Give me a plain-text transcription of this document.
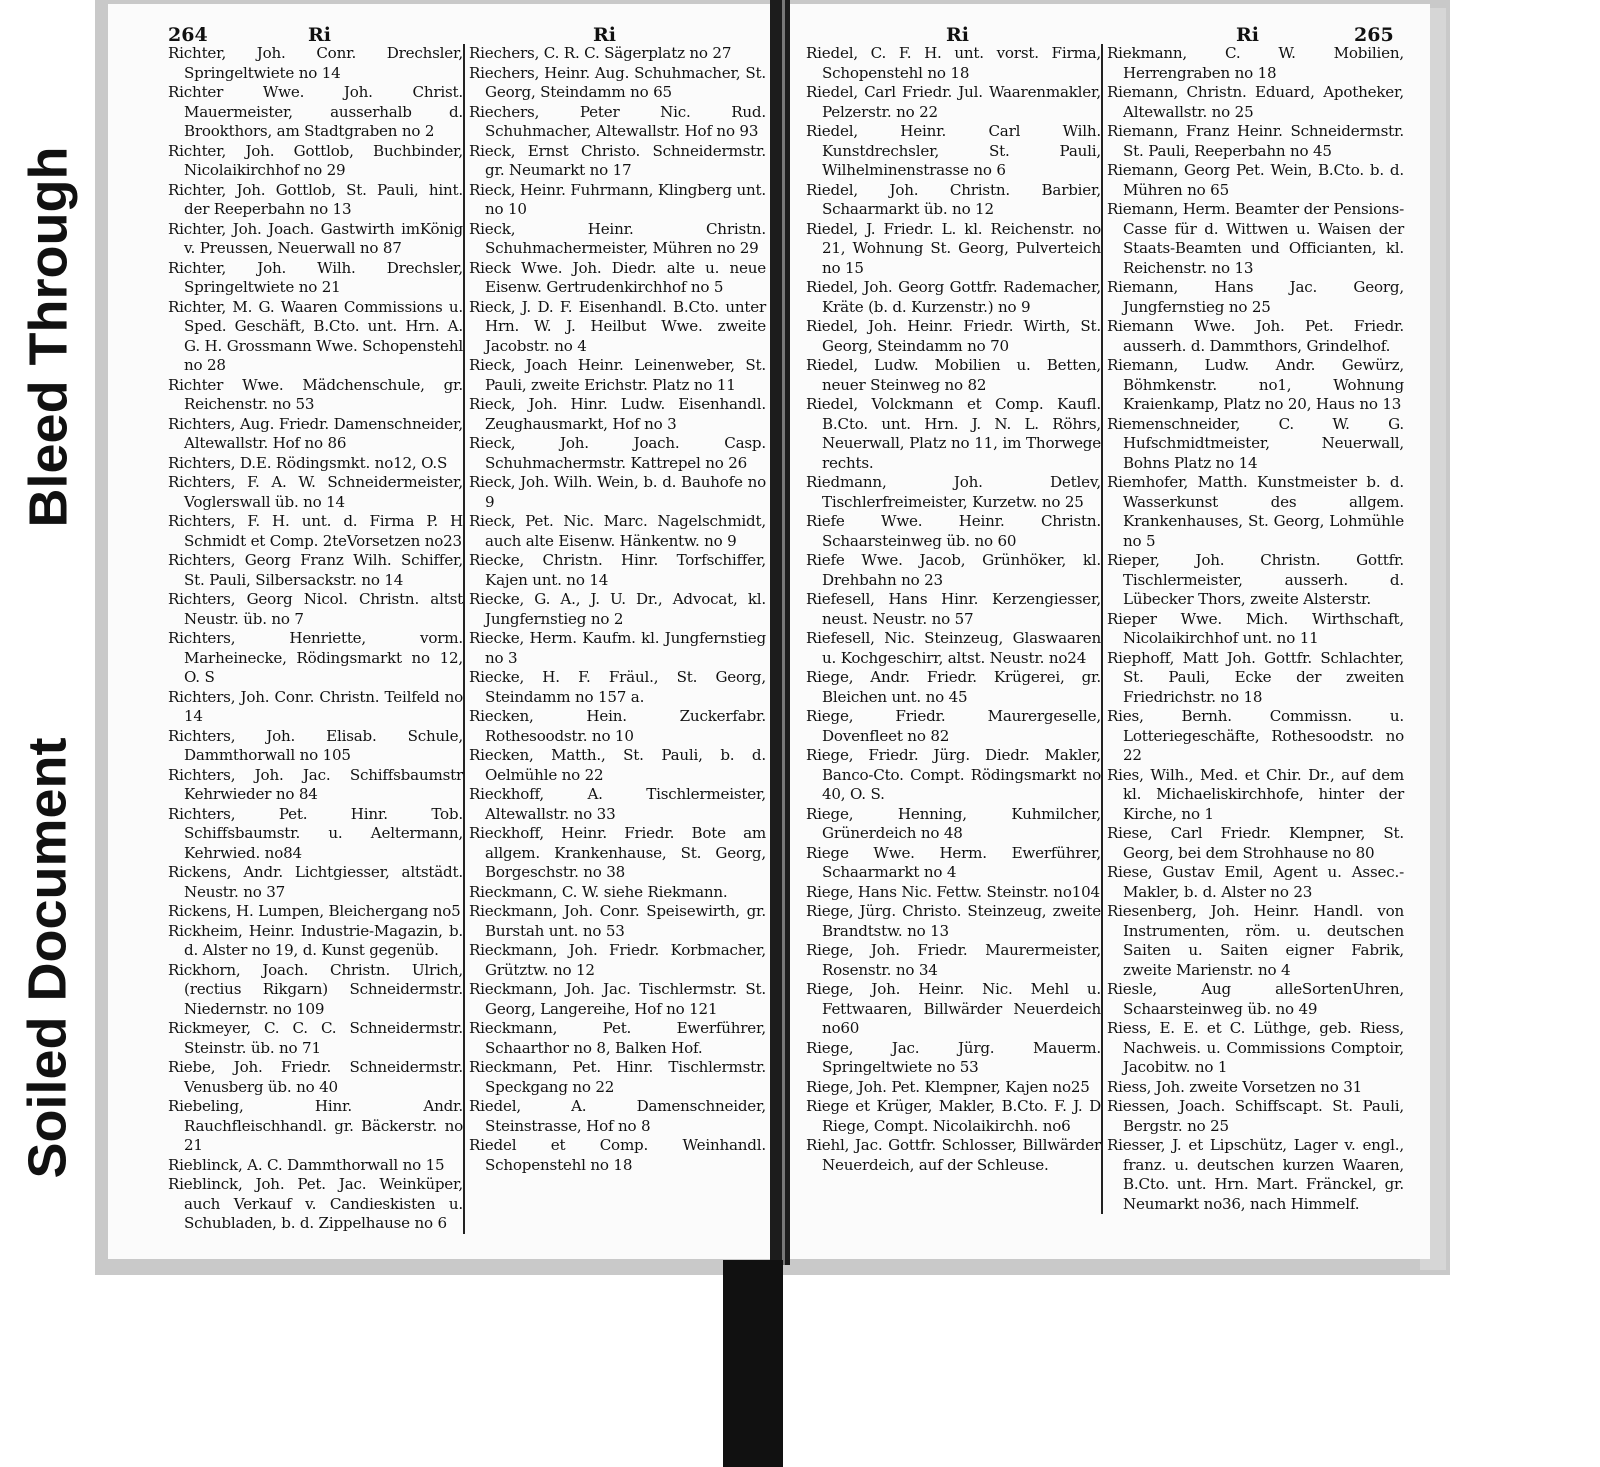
Bleed Through
Soiled Document
264	Ri	Ri

Richter, Joh. Conr. Drechsler, Springeltwiete no 14

Richter Wwe. Joh. Christ. Mauermeister, ausserhalb d. Brookthors, am Stadtgraben no 2

Richter, Joh. Gottlob, Buchbinder, Nicolaikirchhof no 29

Richter, Joh. Gottlob, St. Pauli, hint. der Reeperbahn no 13

Richter, Joh. Joach. Gastwirth imKönig v. Preussen, Neuerwall no 87

Richter, Joh. Wilh. Drechsler, Springeltwiete no 21

Richter, M. G. Waaren Commissions u. Sped. Geschäft, B.Cto. unt. Hrn. A. G. H. Grossmann Wwe. Schopenstehl no 28

Richter Wwe. Mädchenschule, gr. Reichenstr. no 53

Richters, Aug. Friedr. Damenschneider, Altewallstr. Hof no 86

Richters, D.E. Rödingsmkt. no12, O.S

Richters, F. A. W. Schneidermeister, Voglerswall üb. no 14

Richters, F. H. unt. d. Firma P. H Schmidt et Comp. 2teVorsetzen no23

Richters, Georg Franz Wilh. Schiffer, St. Pauli, Silbersackstr. no 14

Richters, Georg Nicol. Christn. altst Neustr. üb. no 7

Richters, Henriette, vorm. Marheinecke, Rödingsmarkt no 12, O. S

Richters, Joh. Conr. Christn. Teilfeld no 14

Richters, Joh. Elisab. Schule, Dammthorwall no 105

Richters, Joh. Jac. Schiffsbaumstr Kehrwieder no 84

Richters, Pet. Hinr. Tob. Schiffsbaumstr. u. Aeltermann, Kehrwied. no84

Rickens, Andr. Lichtgiesser, altstädt. Neustr. no 37

Rickens, H. Lumpen, Bleichergang no5

Rickheim, Heinr. Industrie-Magazin, b. d. Alster no 19, d. Kunst gegenüb.

Rickhorn, Joach. Christn. Ulrich, (rectius Rikgarn) Schneidermstr. Niedernstr. no 109

Rickmeyer, C. C. C. Schneidermstr. Steinstr. üb. no 71

Riebe, Joh. Friedr. Schneidermstr. Venusberg üb. no 40

Riebeling, Hinr. Andr. Rauchfleischhandl. gr. Bäckerstr. no 21

Rieblinck, A. C. Dammthorwall no 15

Rieblinck, Joh. Pet. Jac. Weinküper, auch Verkauf v. Candieskisten u. Schubladen, b. d. Zippelhause no 6

Riechers, C. R. C. Sägerplatz no 27

Riechers, Heinr. Aug. Schuhmacher, St. Georg, Steindamm no 65

Riechers, Peter Nic. Rud. Schuhmacher, Altewallstr. Hof no 93

Rieck, Ernst Christo. Schneidermstr. gr. Neumarkt no 17

Rieck, Heinr. Fuhrmann, Klingberg unt. no 10

Rieck, Heinr. Christn. Schuhmachermeister, Mühren no 29

Rieck Wwe. Joh. Diedr. alte u. neue Eisenw. Gertrudenkirchhof no 5

Rieck, J. D. F. Eisenhandl. B.Cto. unter Hrn. W. J. Heilbut Wwe. zweite Jacobstr. no 4

Rieck, Joach Heinr. Leinenweber, St. Pauli, zweite Erichstr. Platz no 11

Rieck, Joh. Hinr. Ludw. Eisenhandl. Zeughausmarkt, Hof no 3

Rieck, Joh. Joach. Casp. Schuhmachermstr. Kattrepel no 26

Rieck, Joh. Wilh. Wein, b. d. Bauhofe no 9

Rieck, Pet. Nic. Marc. Nagelschmidt, auch alte Eisenw. Hänkentw. no 9

Riecke, Christn. Hinr. Torfschiffer, Kajen unt. no 14

Riecke, G. A., J. U. Dr., Advocat, kl. Jungfernstieg no 2

Riecke, Herm. Kaufm. kl. Jungfernstieg no 3

Riecke, H. F. Fräul., St. Georg, Steindamm no 157 a.

Riecken, Hein. Zuckerfabr. Rothesoodstr. no 10

Riecken, Matth., St. Pauli, b. d. Oelmühle no 22

Rieckhoff, A. Tischlermeister, Altewallstr. no 33

Rieckhoff, Heinr. Friedr. Bote am allgem. Krankenhause, St. Georg, Borgeschstr. no 38

Rieckmann, C. W. siehe Riekmann.

Rieckmann, Joh. Conr. Speisewirth, gr. Burstah unt. no 53

Rieckmann, Joh. Friedr. Korbmacher, Grütztw. no 12

Rieckmann, Joh. Jac. Tischlermstr. St. Georg, Langereihe, Hof no 121

Rieckmann, Pet. Ewerführer, Schaarthor no 8, Balken Hof.

Rieckmann, Pet. Hinr. Tischlermstr. Speckgang no 22

Riedel, A. Damenschneider, Steinstrasse, Hof no 8

Riedel et Comp. Weinhandl. Schopenstehl no 18

Ri	Ri	265

Riedel, C. F. H. unt. vorst. Firma, Schopenstehl no 18

Riedel, Carl Friedr. Jul. Waarenmakler, Pelzerstr. no 22

Riedel, Heinr. Carl Wilh. Kunstdrechsler, St. Pauli, Wilhelminenstrasse no 6

Riedel, Joh. Christn. Barbier, Schaarmarkt üb. no 12

Riedel, J. Friedr. L. kl. Reichenstr. no 21, Wohnung St. Georg, Pulverteich no 15

Riedel, Joh. Georg Gottfr. Rademacher, Kräte (b. d. Kurzenstr.) no 9

Riedel, Joh. Heinr. Friedr. Wirth, St. Georg, Steindamm no 70

Riedel, Ludw. Mobilien u. Betten, neuer Steinweg no 82

Riedel, Volckmann et Comp. Kaufl. B.Cto. unt. Hrn. J. N. L. Röhrs, Neuerwall, Platz no 11, im Thorwege rechts.

Riedmann, Joh. Detlev, Tischlerfreimeister, Kurzetw. no 25

Riefe Wwe. Heinr. Christn. Schaarsteinweg üb. no 60

Riefe Wwe. Jacob, Grünhöker, kl. Drehbahn no 23

Riefesell, Hans Hinr. Kerzengiesser, neust. Neustr. no 57

Riefesell, Nic. Steinzeug, Glaswaaren u. Kochgeschirr, altst. Neustr. no24

Riege, Andr. Friedr. Krügerei, gr. Bleichen unt. no 45

Riege, Friedr. Maurergeselle, Dovenfleet no 82

Riege, Friedr. Jürg. Diedr. Makler, Banco-Cto. Compt. Rödingsmarkt no 40, O. S.

Riege, Henning, Kuhmilcher, Grünerdeich no 48

Riege Wwe. Herm. Ewerführer, Schaarmarkt no 4

Riege, Hans Nic. Fettw. Steinstr. no104

Riege, Jürg. Christo. Steinzeug, zweite Brandtstw. no 13

Riege, Joh. Friedr. Maurermeister, Rosenstr. no 34

Riege, Joh. Heinr. Nic. Mehl u. Fettwaaren, Billwärder Neuerdeich no60

Riege, Jac. Jürg. Mauerm. Springeltwiete no 53

Riege, Joh. Pet. Klempner, Kajen no25

Riege et Krüger, Makler, B.Cto. F. J. D Riege, Compt. Nicolaikirchh. no6

Riehl, Jac. Gottfr. Schlosser, Billwärder Neuerdeich, auf der Schleuse.

Riekmann, C. W. Mobilien, Herrengraben no 18

Riemann, Christn. Eduard, Apotheker, Altewallstr. no 25

Riemann, Franz Heinr. Schneidermstr. St. Pauli, Reeperbahn no 45

Riemann, Georg Pet. Wein, B.Cto. b. d. Mühren no 65

Riemann, Herm. Beamter der Pensions-Casse für d. Wittwen u. Waisen der Staats-Beamten und Officianten, kl. Reichenstr. no 13

Riemann, Hans Jac. Georg, Jungfernstieg no 25

Riemann Wwe. Joh. Pet. Friedr. ausserh. d. Dammthors, Grindelhof.

Riemann, Ludw. Andr. Gewürz, Böhmkenstr. no1, Wohnung Kraienkamp, Platz no 20, Haus no 13

Riemenschneider, C. W. G. Hufschmidtmeister, Neuerwall, Bohns Platz no 14

Riemhofer, Matth. Kunstmeister b. d. Wasserkunst des allgem. Krankenhauses, St. Georg, Lohmühle no 5

Rieper, Joh. Christn. Gottfr. Tischlermeister, ausserh. d. Lübecker Thors, zweite Alsterstr.

Rieper Wwe. Mich. Wirthschaft, Nicolaikirchhof unt. no 11

Riephoff, Matt Joh. Gottfr. Schlachter, St. Pauli, Ecke der zweiten Friedrichstr. no 18

Ries, Bernh. Commissn. u. Lotteriegeschäfte, Rothesoodstr. no 22

Ries, Wilh., Med. et Chir. Dr., auf dem kl. Michaeliskirchhofe, hinter der Kirche, no 1

Riese, Carl Friedr. Klempner, St. Georg, bei dem Strohhause no 80

Riese, Gustav Emil, Agent u. Assec.-Makler, b. d. Alster no 23

Riesenberg, Joh. Heinr. Handl. von Instrumenten, röm. u. deutschen Saiten u. Saiten eigner Fabrik, zweite Marienstr. no 4

Riesle, Aug alleSortenUhren, Schaarsteinweg üb. no 49

Riess, E. E. et C. Lüthge, geb. Riess, Nachweis. u. Commissions Comptoir, Jacobitw. no 1

Riess, Joh. zweite Vorsetzen no 31

Riessen, Joach. Schiffscapt. St. Pauli, Bergstr. no 25

Riesser, J. et Lipschütz, Lager v. engl., franz. u. deutschen kurzen Waaren, B.Cto. unt. Hrn. Mart. Fränckel, gr. Neumarkt no36, nach Himmelf.
